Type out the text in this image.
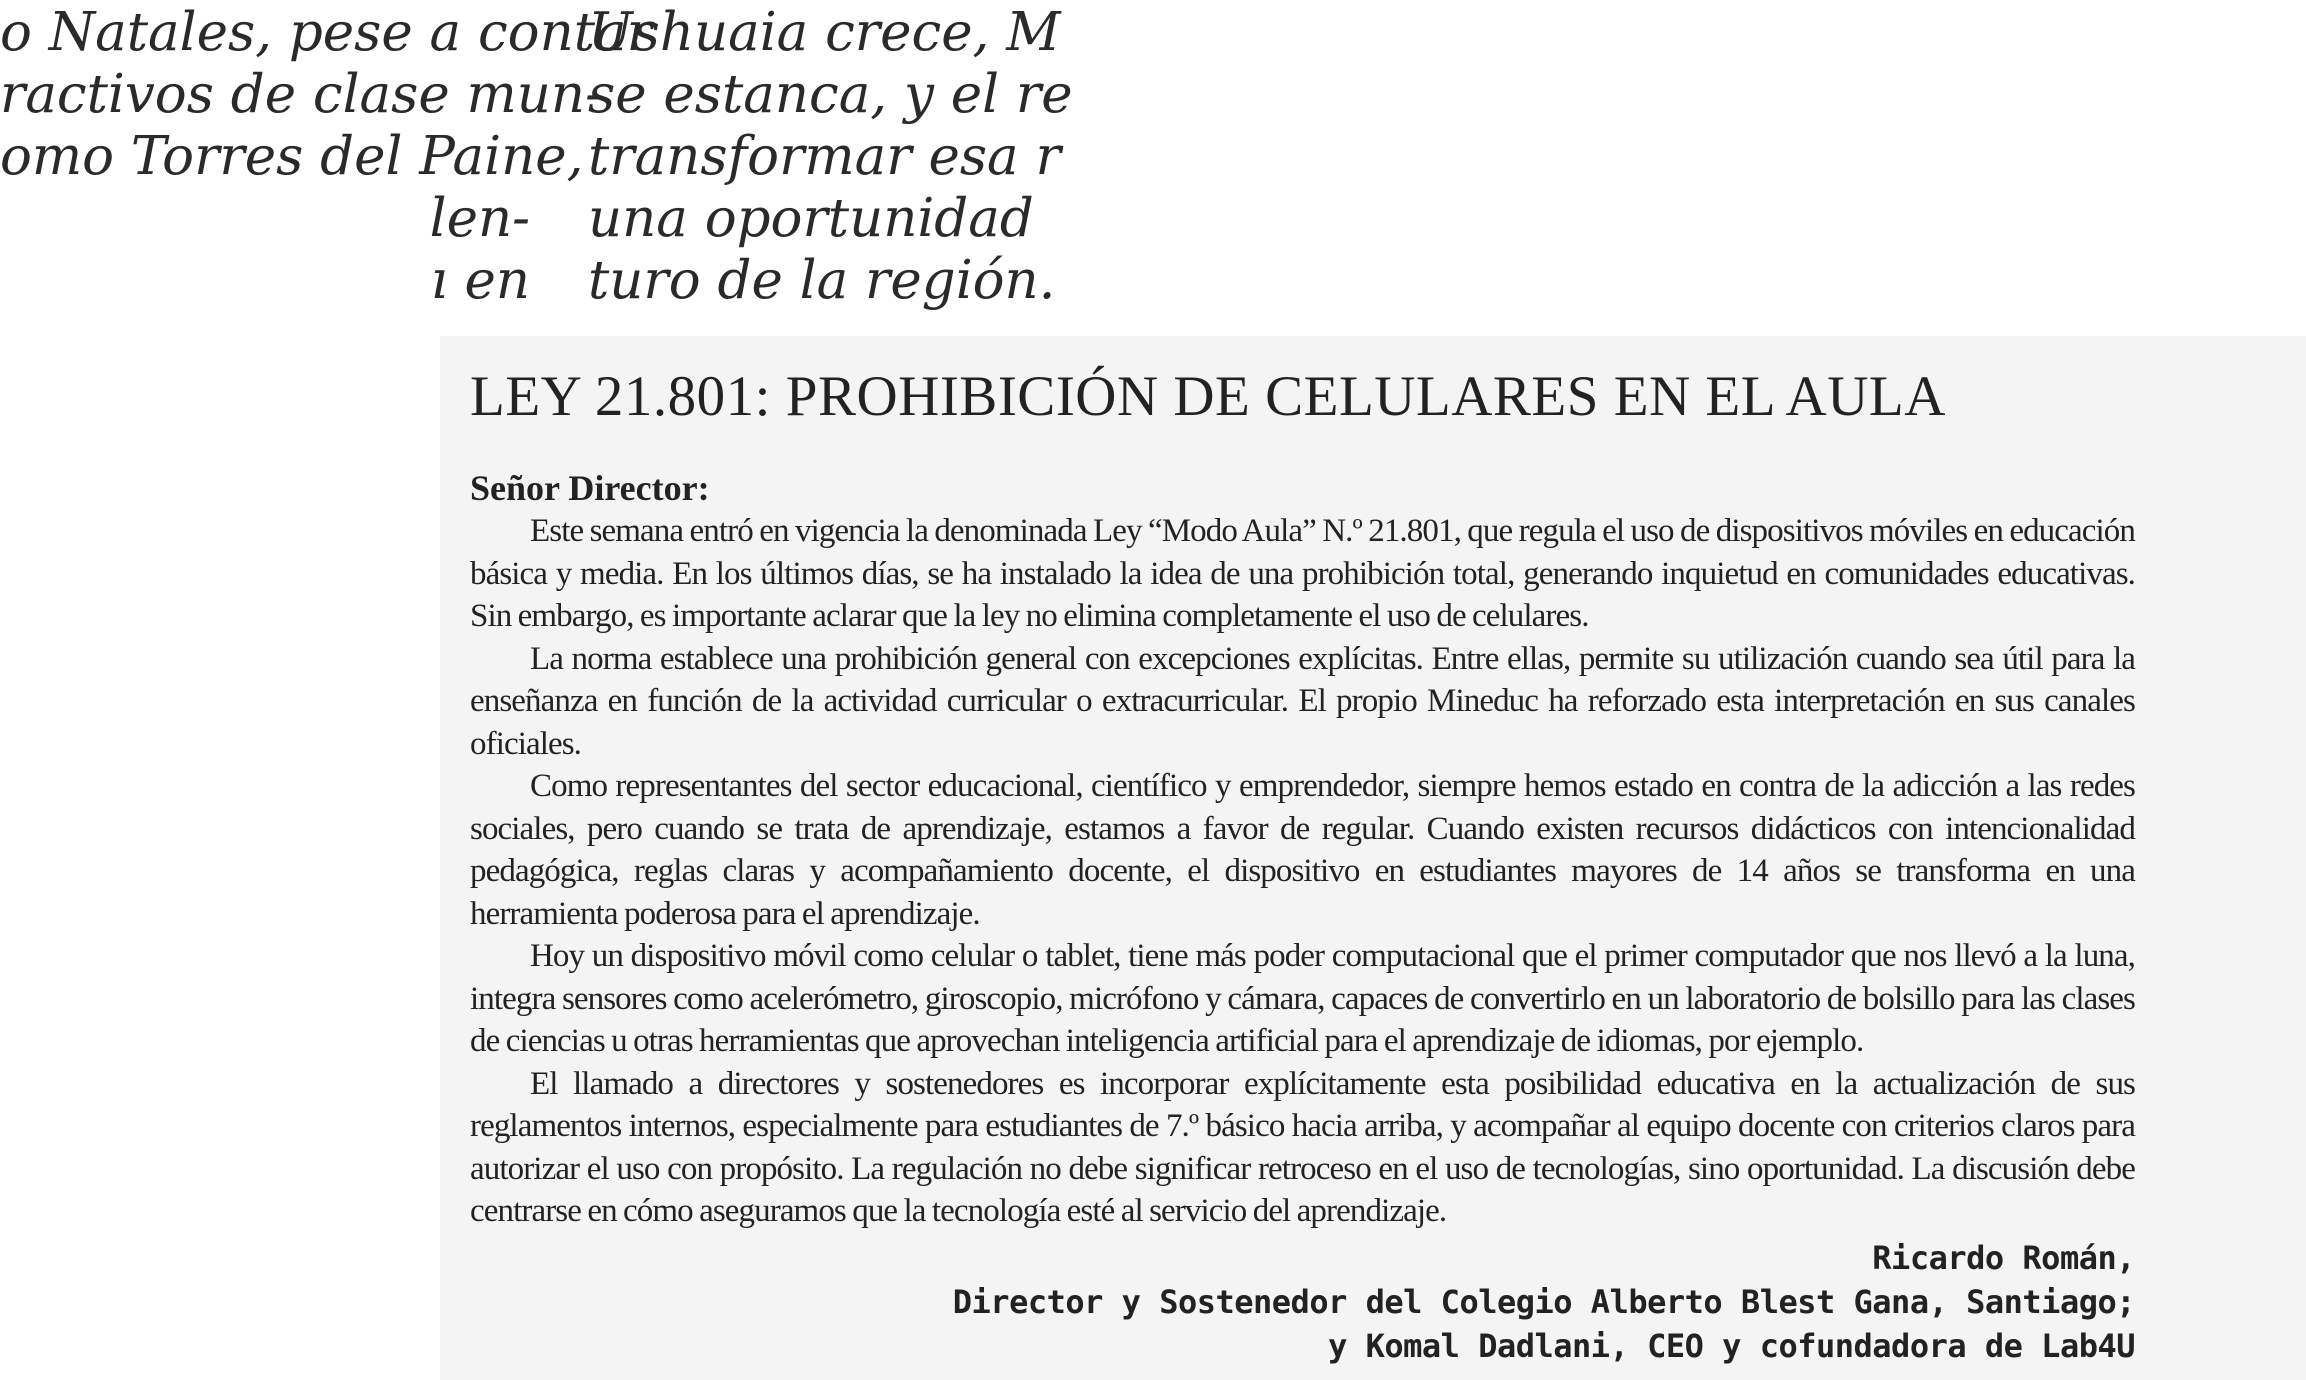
o Natales, pese a contar
ractivos de clase mun-
omo Torres del Paine,
len-
ı en
Ushuaia crece, M
se estanca, y el re
transformar esa r
una oportunidad
turo de la región.
LEY 21.801: PROHIBICIÓN DE CELULARES EN EL AULA
Señor Director:

Este semana entró en vigencia la denominada Ley “Modo Aula” N.º 21.801, que regula el uso de dispositivos móviles en educación básica y media. En los últimos días, se ha instalado la idea de una prohibición total, generando inquietud en comunidades educativas. Sin embargo, es importante aclarar que la ley no elimina completamente el uso de celulares.

La norma establece una prohibición general con excepciones explícitas. Entre ellas, permite su utilización cuando sea útil para la enseñanza en función de la actividad curricular o extracurricular. El propio Mineduc ha reforzado esta interpretación en sus canales oficiales.

Como representantes del sector educacional, científico y emprendedor, siempre hemos estado en contra de la adicción a las redes sociales, pero cuando se trata de aprendizaje, estamos a favor de regular. Cuando existen recursos didácticos con intencionalidad pedagógica, reglas claras y acompañamiento docente, el dispositivo en estudiantes mayores de 14 años se transforma en una herramienta poderosa para el aprendizaje.

Hoy un dispositivo móvil como celular o tablet, tiene más poder computacional que el primer computador que nos llevó a la luna, integra sensores como acelerómetro, giroscopio, micrófono y cámara, capaces de convertirlo en un laboratorio de bolsillo para las clases de ciencias u otras herramientas que aprovechan inteligencia artificial para el aprendizaje de idiomas, por ejemplo.

El llamado a directores y sostenedores es incorporar explícitamente esta posibilidad educativa en la actualización de sus reglamentos internos, especialmente para estudiantes de 7.º básico hacia arriba, y acompañar al equipo docente con criterios claros para autorizar el uso con propósito. La regulación no debe significar retroceso en el uso de tecnologías, sino oportunidad. La discusión debe centrarse en cómo aseguramos que la tecnología esté al servicio del aprendizaje.

Ricardo Román,
Director y Sostenedor del Colegio Alberto Blest Gana, Santiago;
y Komal Dadlani, CEO y cofundadora de Lab4U
